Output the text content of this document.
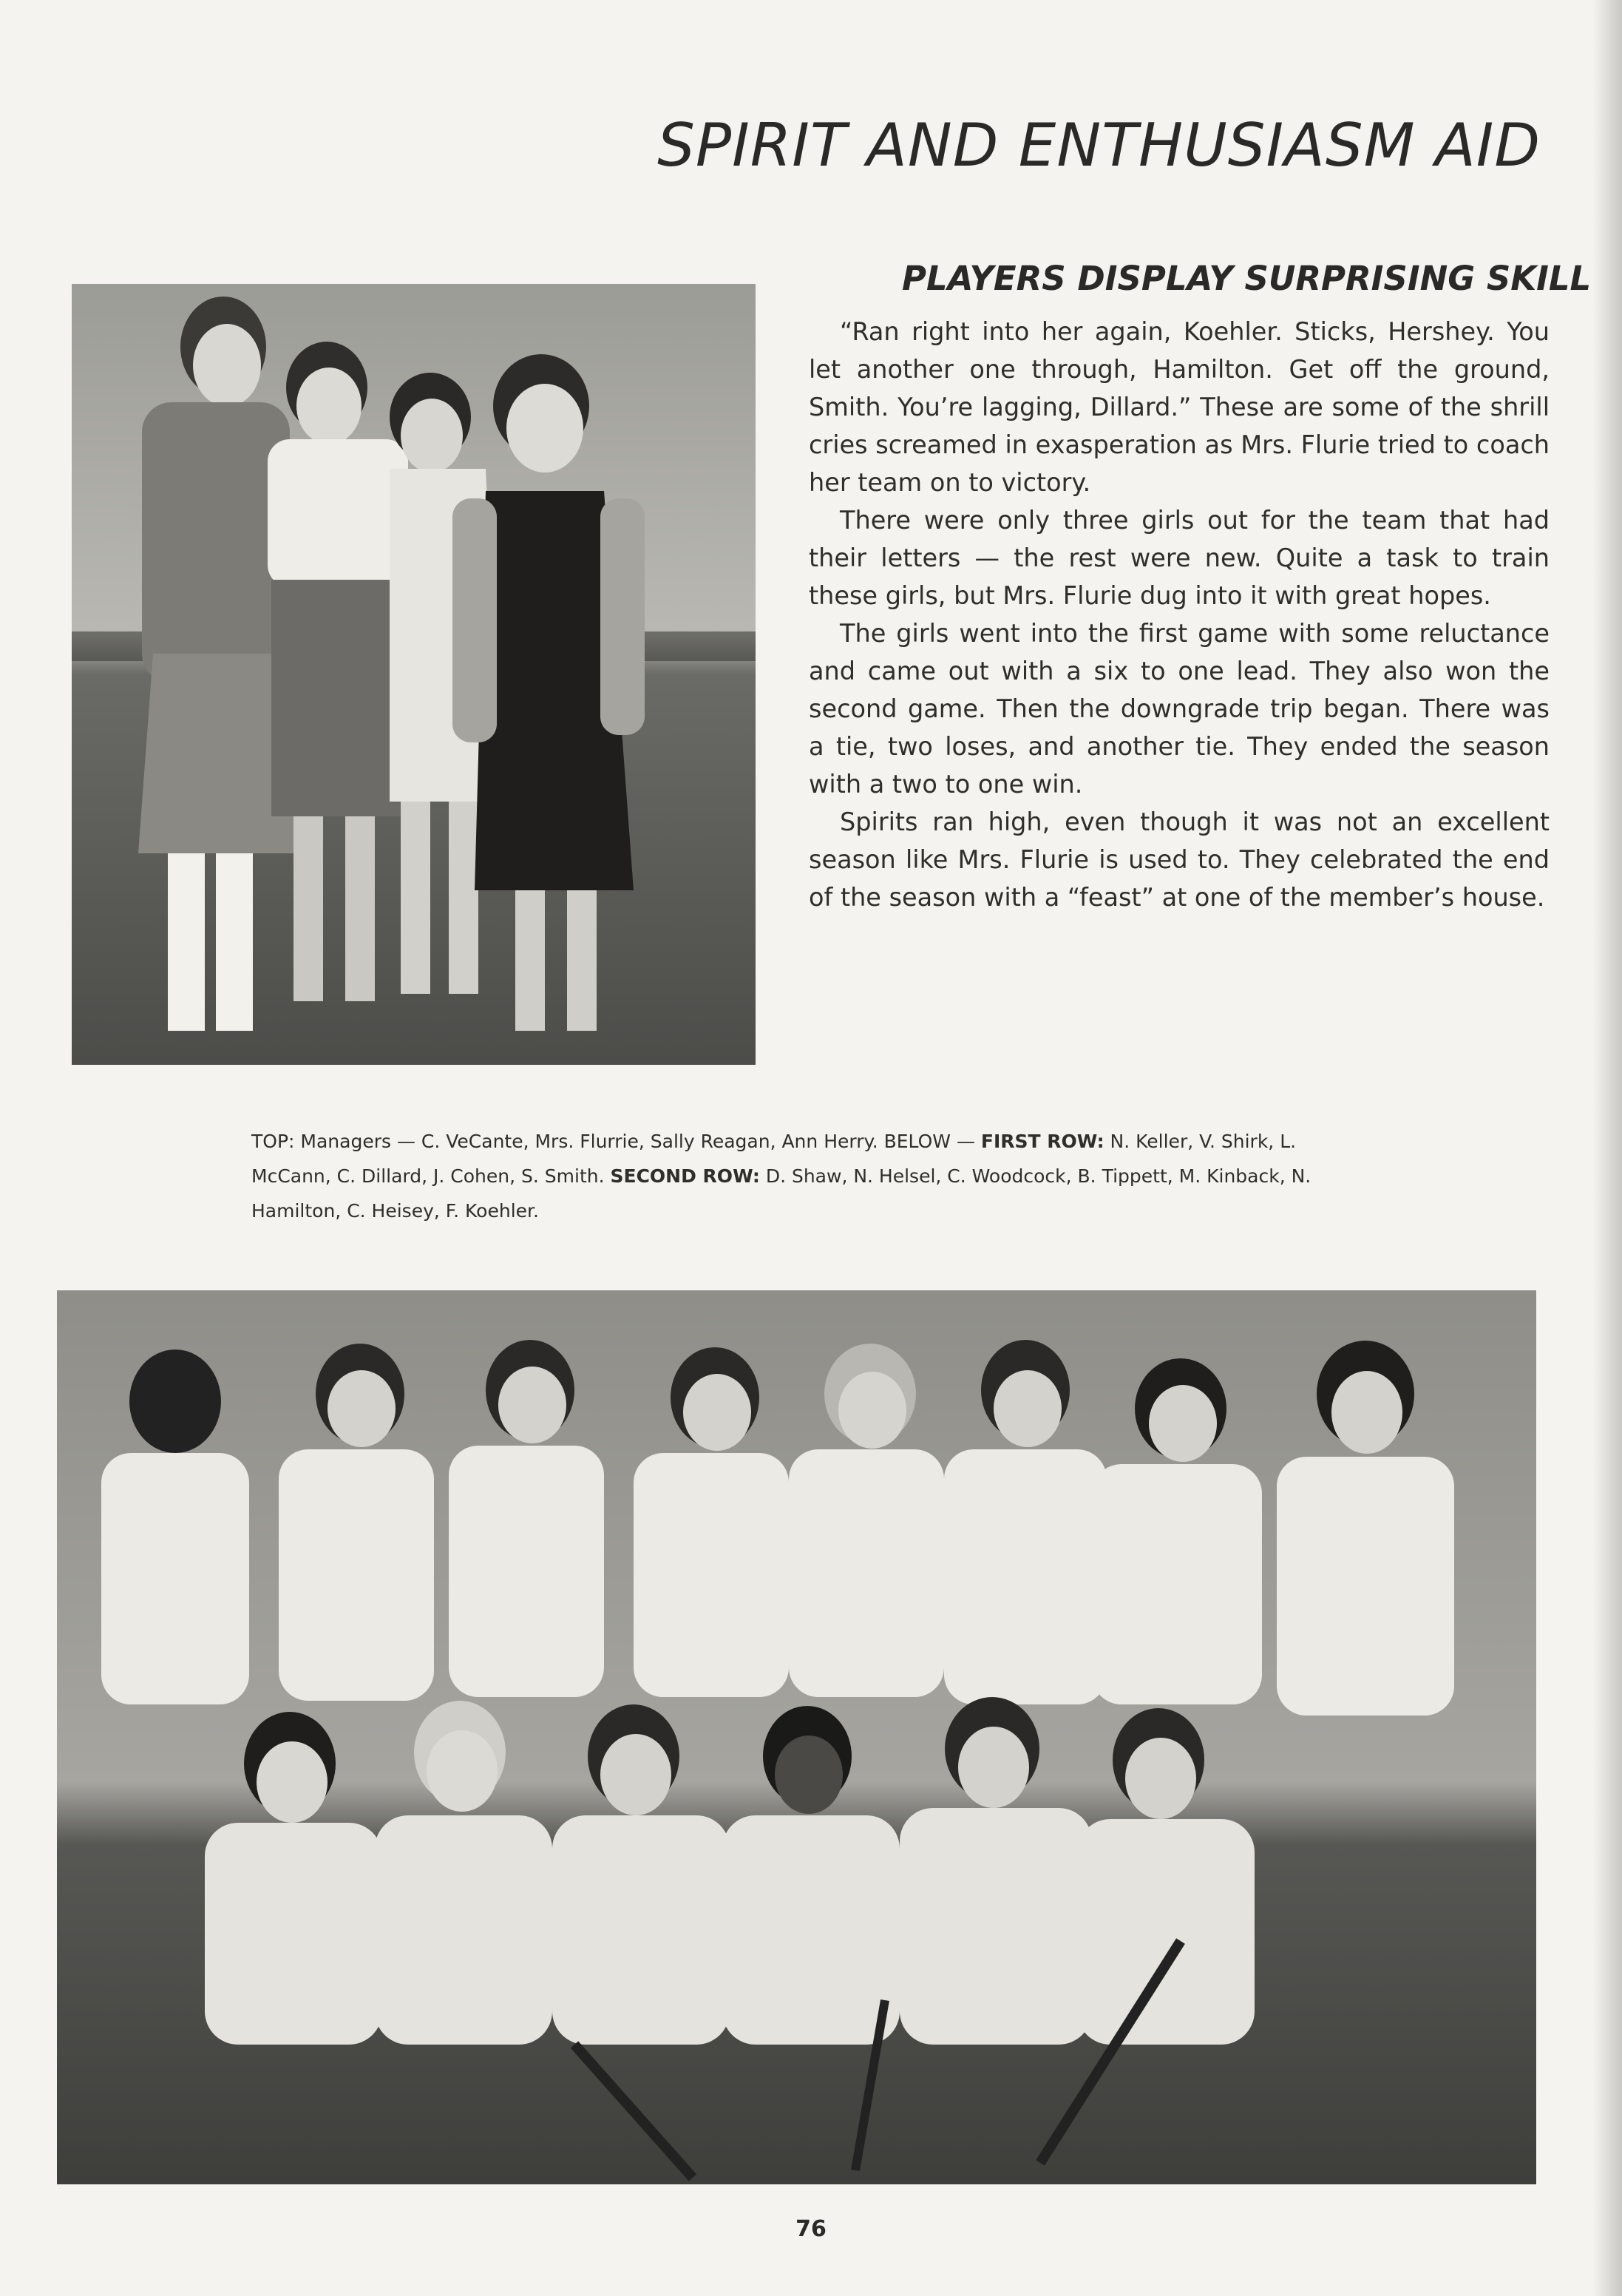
SPIRIT AND ENTHUSIASM AID
PLAYERS DISPLAY SURPRISING SKILL

“Ran right into her again, Koehler. Sticks, Hershey. You let another one through, Hamilton. Get off the ground, Smith. You’re lagging, Dillard.” These are some of the shrill cries screamed in exasperation as Mrs. Flurie tried to coach her team on to victory.

There were only three girls out for the team that had their letters — the rest were new. Quite a task to train these girls, but Mrs. Flurie dug into it with great hopes.

The girls went into the first game with some reluctance and came out with a six to one lead. They also won the second game. Then the downgrade trip began. There was a tie, two loses, and another tie. They ended the season with a two to one win.

Spirits ran high, even though it was not an excellent season like Mrs. Flurie is used to. They celebrated the end of the season with a “feast” at one of the member’s house.

TOP: Managers — C. VeCante, Mrs. Flurrie, Sally Reagan, Ann Herry. BELOW — FIRST ROW: N. Keller, V. Shirk, L. McCann, C. Dillard, J. Cohen, S. Smith. SECOND ROW: D. Shaw, N. Helsel, C. Woodcock, B. Tippett, M. Kinback, N. Hamilton, C. Heisey, F. Koehler.
76
